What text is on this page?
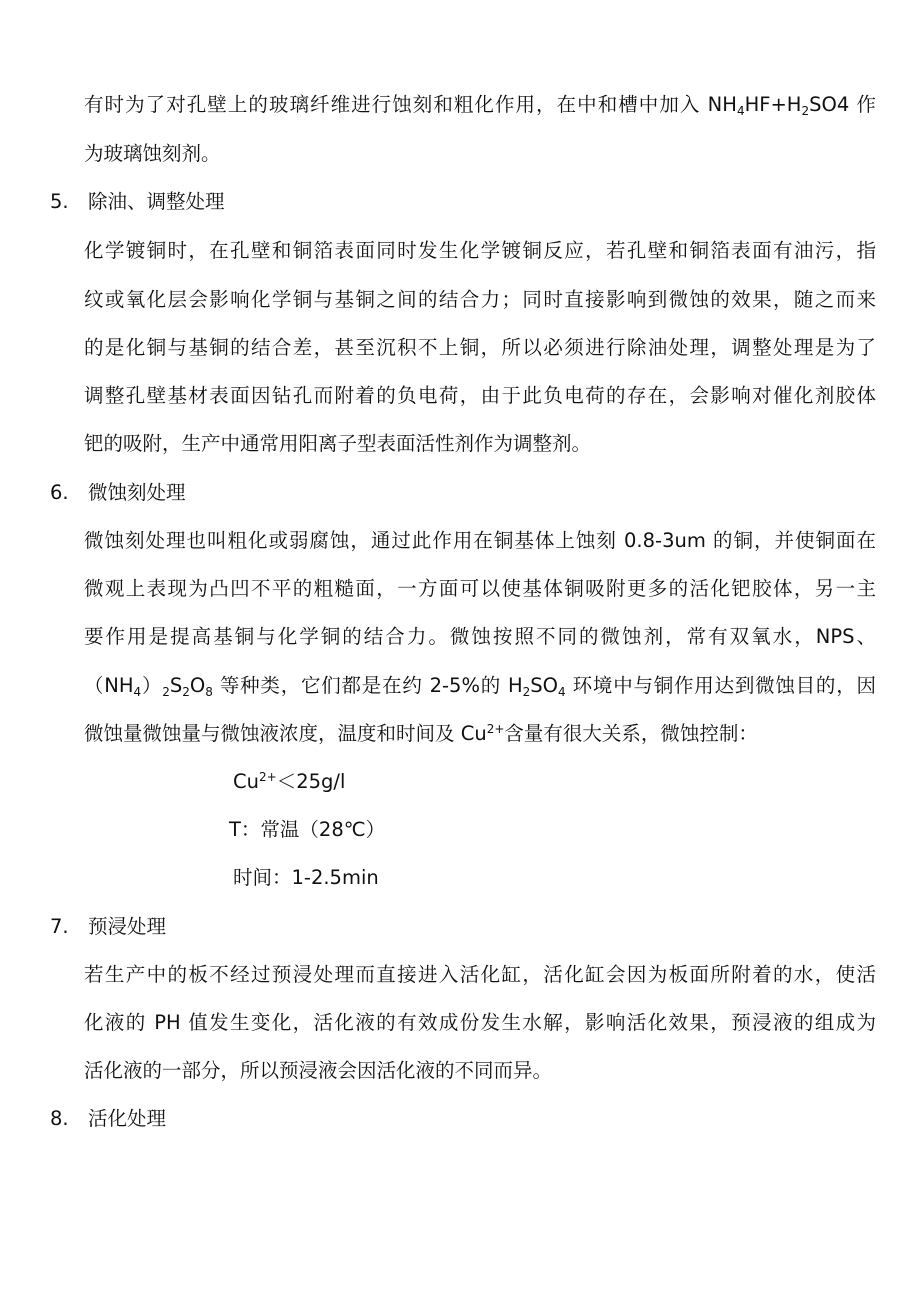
有时为了对孔壁上的玻璃纤维进行蚀刻和粗化作用，在中和槽中加入 $NH_4HF+H_2SO4$ 作
为玻璃蚀刻剂。
5. 除油、调整处理
化学镀铜时，在孔壁和铜箔表面同时发生化学镀铜反应，若孔壁和铜箔表面有油污，指
纹或氧化层会影响化学铜与基铜之间的结合力；同时直接影响到微蚀的效果，随之而来
的是化铜与基铜的结合差，甚至沉积不上铜，所以必须进行除油处理，调整处理是为了
调整孔壁基材表面因钻孔而附着的负电荷，由于此负电荷的存在，会影响对催化剂胶体
钯的吸附，生产中通常用阳离子型表面活性剂作为调整剂。
6. 微蚀刻处理
微蚀刻处理也叫粗化或弱腐蚀，通过此作用在铜基体上蚀刻 0.8-3um 的铜，并使铜面在
微观上表现为凸凹不平的粗糙面，一方面可以使基体铜吸附更多的活化钯胶体，另一主
要作用是提高基铜与化学铜的结合力。微蚀按照不同的微蚀剂，常有双氧水，NPS、
$(NH_4)_2S_2O_8$ 等种类，它们都是在约 2-5%的 $H_2SO_4$ 环境中与铜作用达到微蚀目的，因
微蚀量微蚀量与微蚀液浓度，温度和时间及 $Cu^{2+}$含量有很大关系，微蚀控制：
$Cu^{2+}<25g/l$
T：常温（28℃）
时间：1-2.5min
7. 预浸处理
若生产中的板不经过预浸处理而直接进入活化缸，活化缸会因为板面所附着的水，使活
化液的 PH 值发生变化，活化液的有效成份发生水解，影响活化效果，预浸液的组成为
活化液的一部分，所以预浸液会因活化液的不同而异。
8. 活化处理
